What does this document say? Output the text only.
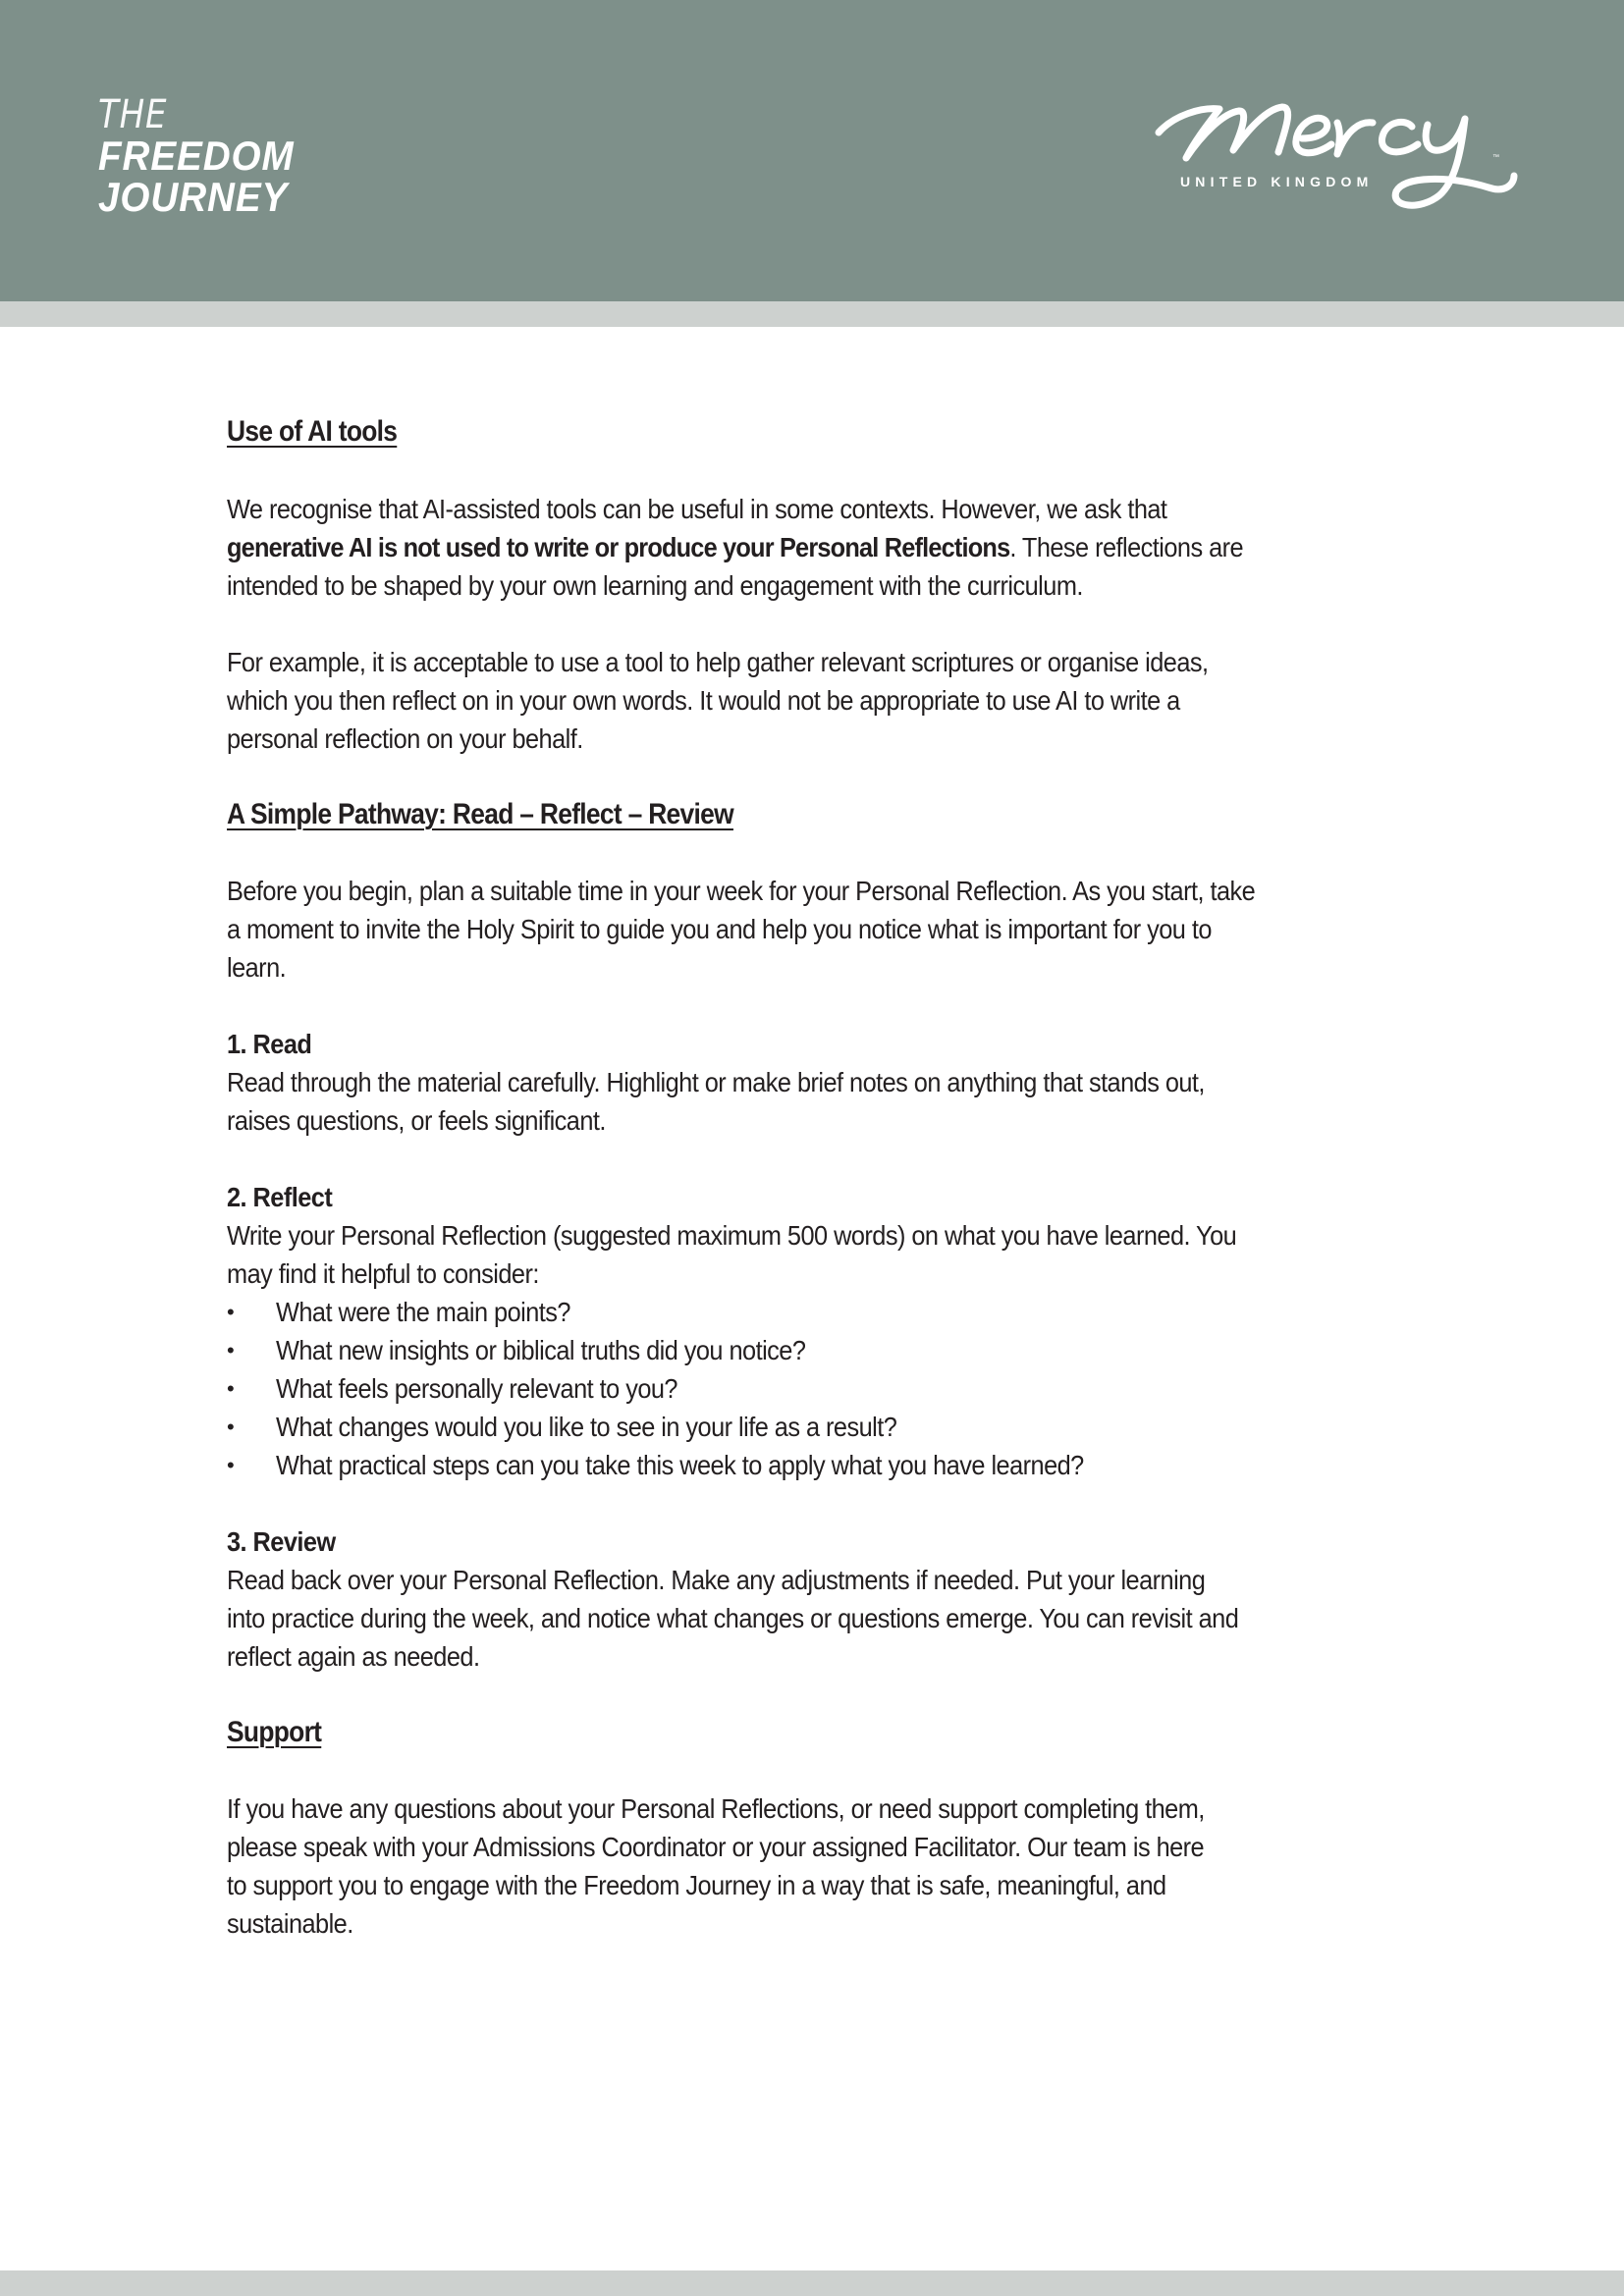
THE
FREEDOM
JOURNEY	UNITED KINGDOM
™
Use of AI tools
We recognise that AI-assisted tools can be useful in some contexts. However, we ask that
generative AI is not used to write or produce your Personal Reflections. These reflections are
intended to be shaped by your own learning and engagement with the curriculum.
For example, it is acceptable to use a tool to help gather relevant scriptures or organise ideas,
which you then reflect on in your own words. It would not be appropriate to use AI to write a
personal reflection on your behalf.
A Simple Pathway: Read – Reflect – Review
Before you begin, plan a suitable time in your week for your Personal Reflection. As you start, take
a moment to invite the Holy Spirit to guide you and help you notice what is important for you to
learn.
1. Read
Read through the material carefully. Highlight or make brief notes on anything that stands out,
raises questions, or feels significant.
2. Reflect
Write your Personal Reflection (suggested maximum 500 words) on what you have learned. You
may find it helpful to consider:
• What were the main points?
• What new insights or biblical truths did you notice?
• What feels personally relevant to you?
• What changes would you like to see in your life as a result?
• What practical steps can you take this week to apply what you have learned?
3. Review
Read back over your Personal Reflection. Make any adjustments if needed. Put your learning
into practice during the week, and notice what changes or questions emerge. You can revisit and
reflect again as needed.
Support
If you have any questions about your Personal Reflections, or need support completing them,
please speak with your Admissions Coordinator or your assigned Facilitator. Our team is here
to support you to engage with the Freedom Journey in a way that is safe, meaningful, and
sustainable.
